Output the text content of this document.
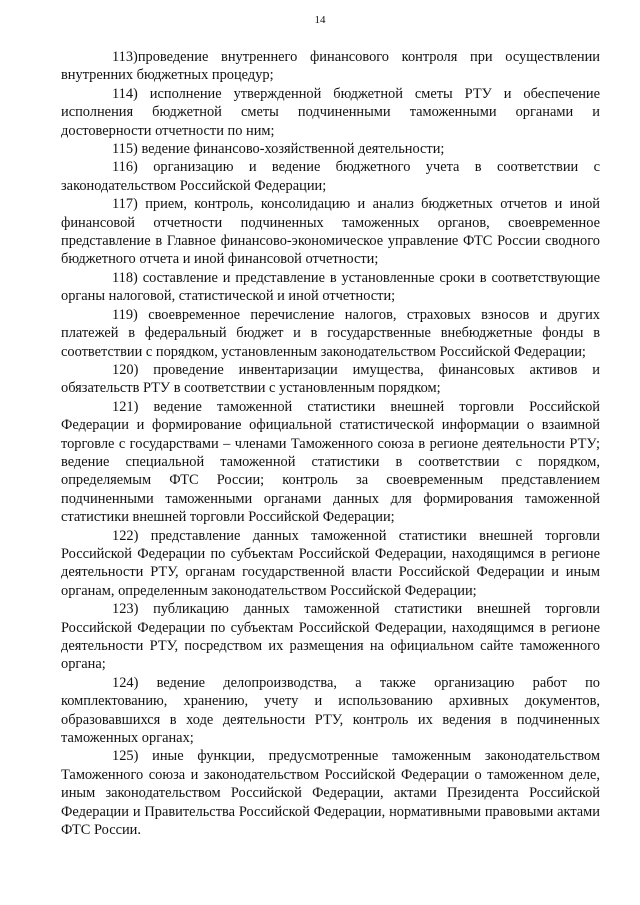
14

113)проведение внутреннего финансового контроля при осуществлении внутренних бюджетных процедур;

114) исполнение утвержденной бюджетной сметы РТУ и обеспечение исполнения бюджетной сметы подчиненными таможенными органами и достоверности отчетности по ним;

115) ведение финансово-хозяйственной деятельности;

116) организацию и ведение бюджетного учета в соответствии с законодательством Российской Федерации;

117) прием, контроль, консолидацию и анализ бюджетных отчетов и иной финансовой отчетности подчиненных таможенных органов, своевременное представление в Главное финансово-экономическое управление ФТС России сводного бюджетного отчета и иной финансовой отчетности;

118) составление и представление в установленные сроки в соответствующие органы налоговой, статистической и иной отчетности;

119) своевременное перечисление налогов, страховых взносов и других платежей в федеральный бюджет и в государственные внебюджетные фонды в соответствии с порядком, установленным законодательством Российской Федерации;

120) проведение инвентаризации имущества, финансовых активов и обязательств РТУ в соответствии с установленным порядком;

121) ведение таможенной статистики внешней торговли Российской Федерации и формирование официальной статистической информации о взаимной торговле с государствами – членами Таможенного союза в регионе деятельности РТУ; ведение специальной таможенной статистики в соответствии с порядком, определяемым ФТС России; контроль за своевременным представлением подчиненными таможенными органами данных для формирования таможенной статистики внешней торговли Российской Федерации;

122) представление данных таможенной статистики внешней торговли Российской Федерации по субъектам Российской Федерации, находящимся в регионе деятельности РТУ, органам государственной власти Российской Федерации и иным органам, определенным законодательством Российской Федерации;

123) публикацию данных таможенной статистики внешней торговли Российской Федерации по субъектам Российской Федерации, находящимся в регионе деятельности РТУ, посредством их размещения на официальном сайте таможенного органа;

124) ведение делопроизводства, а также организацию работ по комплектованию, хранению, учету и использованию архивных документов, образовавшихся в ходе деятельности РТУ, контроль их ведения в подчиненных таможенных органах;

125) иные функции, предусмотренные таможенным законодательством Таможенного союза и законодательством Российской Федерации о таможенном деле, иным законодательством Российской Федерации, актами Президента Российской Федерации и Правительства Российской Федерации, нормативными правовыми актами ФТС России.
